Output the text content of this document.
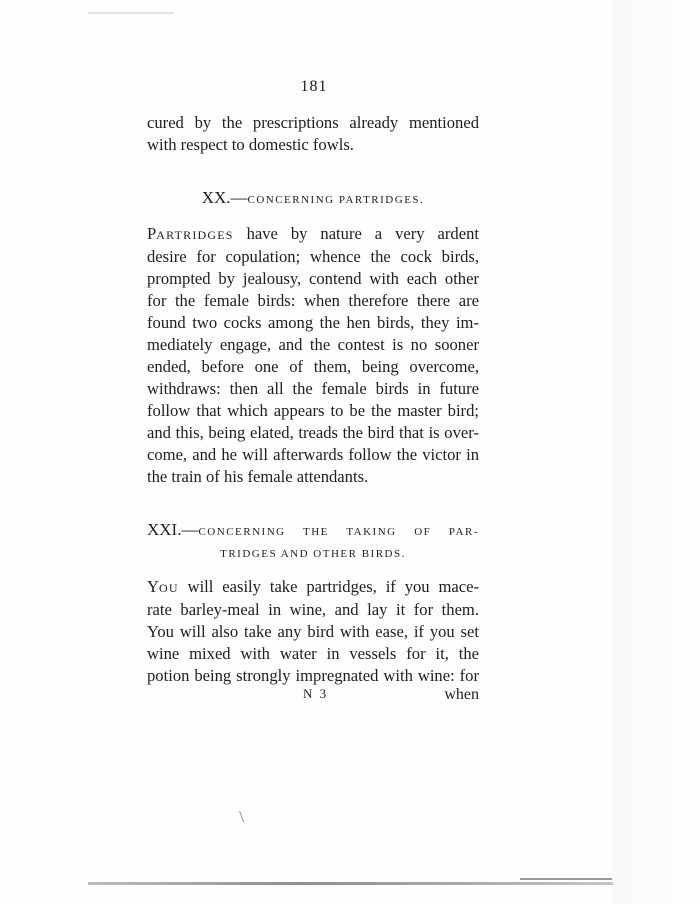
181
cured by the prescriptions already mentioned
with respect to domestic fowls.
XX.—CONCERNING PARTRIDGES.
PARTRIDGES have by nature a very ardent
desire for copulation; whence the cock birds,
prompted by jealousy, contend with each other
for the female birds: when therefore there are
found two cocks among the hen birds, they im-
mediately engage, and the contest is no sooner
ended, before one of them, being overcome,
withdraws: then all the female birds in future
follow that which appears to be the master bird;
and this, being elated, treads the bird that is over-
come, and he will afterwards follow the victor in
the train of his female attendants.
XXI.—CONCERNING THE TAKING OF PAR-
TRIDGES AND OTHER BIRDS.
YOU will easily take partridges, if you mace-
rate barley-meal in wine, and lay it for them.
You will also take any bird with ease, if you set
wine mixed with water in vessels for it, the
potion being strongly impregnated with wine: for
N 3	when
